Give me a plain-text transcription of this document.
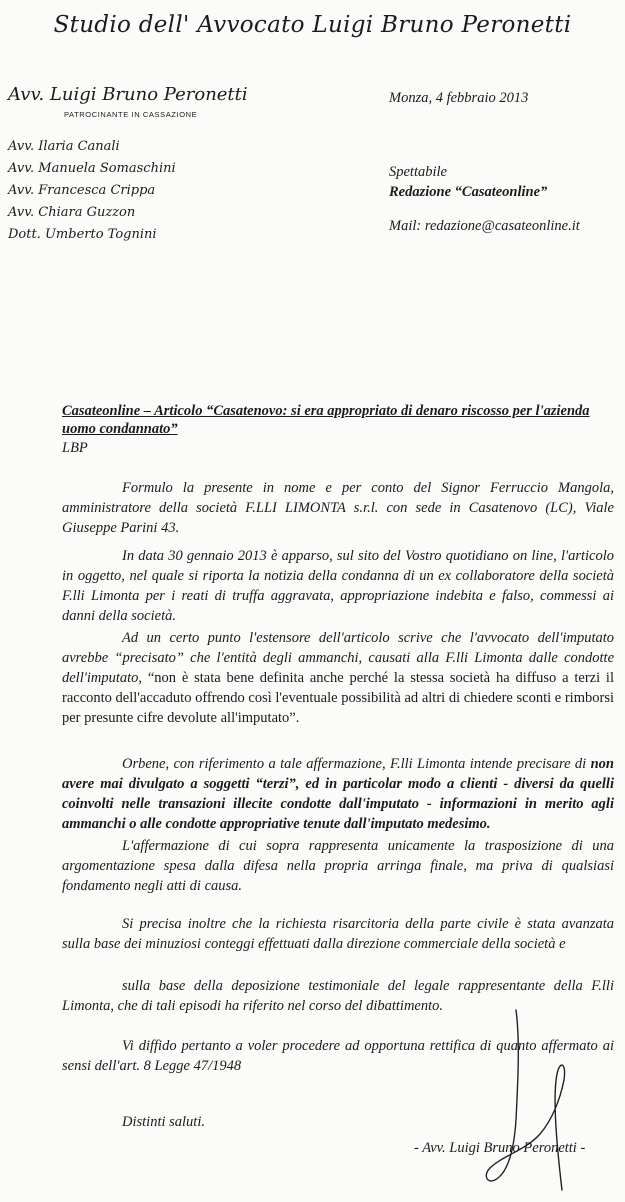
Studio dell' Avvocato Luigi Bruno Peronetti
Avv. Luigi Bruno Peronetti
PATROCINANTE IN CASSAZIONE
Avv. Ilaria Canali
Avv. Manuela Somaschini
Avv. Francesca Crippa
Avv. Chiara Guzzon
Dott. Umberto Tognini
Monza, 4 febbraio 2013
Spettabile
Redazione “Casateonline”
Mail: redazione@casateonline.it
Casateonline – Articolo “Casatenovo: si era appropriato di denaro riscosso per l'azienda uomo condannato”
LBP

Formulo la presente in nome e per conto del Signor Ferruccio Mangola, amministratore della società F.LLI LIMONTA s.r.l. con sede in Casatenovo (LC), Viale Giuseppe Parini 43.

In data 30 gennaio 2013 è apparso, sul sito del Vostro quotidiano on line, l'articolo in oggetto, nel quale si riporta la notizia della condanna di un ex collaboratore della società F.lli Limonta per i reati di truffa aggravata, appropriazione indebita e falso, commessi ai danni della società.

Ad un certo punto l'estensore dell'articolo scrive che l'avvocato dell'imputato avrebbe “precisato” che l'entità degli ammanchi, causati alla F.lli Limonta dalle condotte dell'imputato, “non è stata bene definita anche perché la stessa società ha diffuso a terzi il racconto dell'accaduto offrendo così l'eventuale possibilità ad altri di chiedere sconti e rimborsi per presunte cifre devolute all'imputato”.

Orbene, con riferimento a tale affermazione, F.lli Limonta intende precisare di non avere mai divulgato a soggetti “terzi”, ed in particolar modo a clienti - diversi da quelli coinvolti nelle transazioni illecite condotte dall'imputato - informazioni in merito agli ammanchi o alle condotte appropriative tenute dall'imputato medesimo.

L'affermazione di cui sopra rappresenta unicamente la trasposizione di una argomentazione spesa dalla difesa nella propria arringa finale, ma priva di qualsiasi fondamento negli atti di causa.

Si precisa inoltre che la richiesta risarcitoria della parte civile è stata avanzata sulla base dei minuziosi conteggi effettuati dalla direzione commerciale della società e

sulla base della deposizione testimoniale del legale rappresentante della F.lli Limonta, che di tali episodi ha riferito nel corso del dibattimento.

Vi diffido pertanto a voler procedere ad opportuna rettifica di quanto affermato ai sensi dell'art. 8 Legge 47/1948

Distinti saluti.
- Avv. Luigi Bruno Peronetti -
